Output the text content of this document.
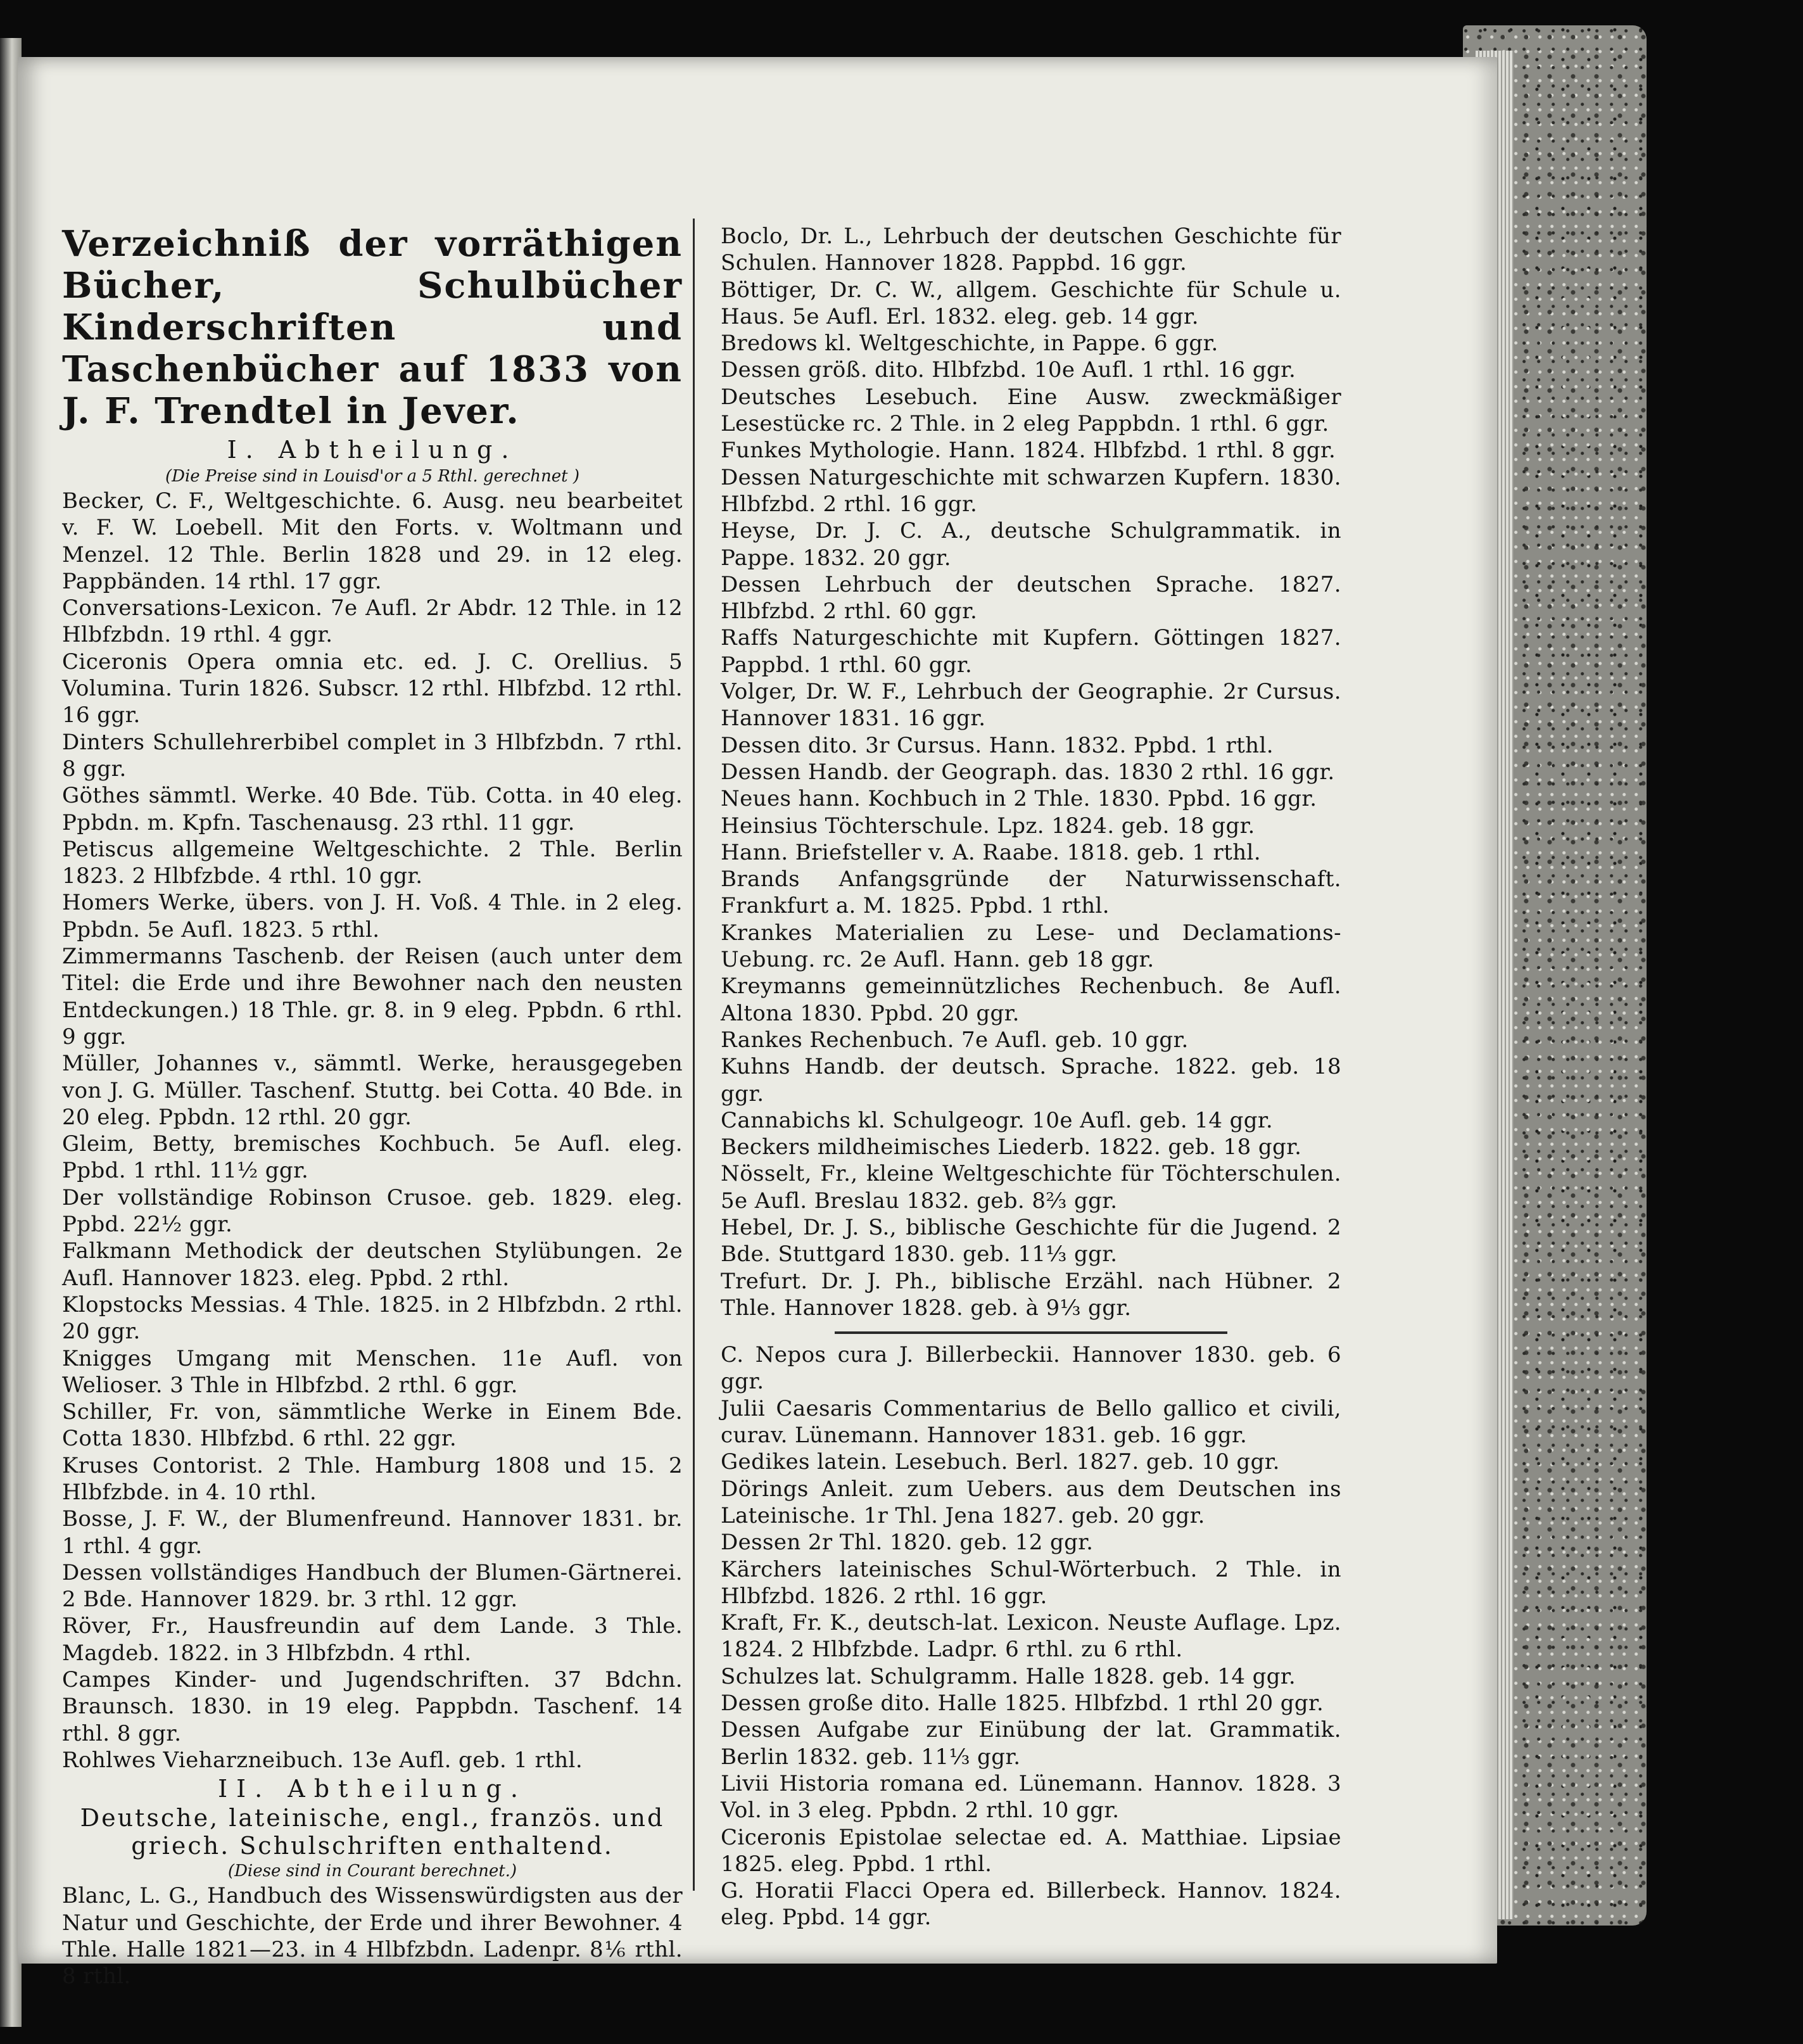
Verzeichniß der vorräthigen Bücher, Schulbücher Kinderschriften und Taschenbücher auf 1833 von J. F. Trendtel in Jever.
I. Abtheilung.
(Die Preise sind in Louisd'or a 5 Rthl. gerechnet )
Becker, C. F., Weltgeschichte. 6. Ausg. neu bearbeitet v. F. W. Loebell. Mit den Forts. v. Woltmann und Menzel. 12 Thle. Berlin 1828 und 29. in 12 eleg. Pappbänden. 14 rthl. 17 ggr.
Conversations-Lexicon. 7e Aufl. 2r Abdr. 12 Thle. in 12 Hlbfzbdn. 19 rthl. 4 ggr.
Ciceronis Opera omnia etc. ed. J. C. Orellius. 5 Volumina. Turin 1826. Subscr. 12 rthl. Hlbfzbd. 12 rthl. 16 ggr.
Dinters Schullehrerbibel complet in 3 Hlbfzbdn. 7 rthl. 8 ggr.
Göthes sämmtl. Werke. 40 Bde. Tüb. Cotta. in 40 eleg. Ppbdn. m. Kpfn. Taschenausg. 23 rthl. 11 ggr.
Petiscus allgemeine Weltgeschichte. 2 Thle. Berlin 1823. 2 Hlbfzbde. 4 rthl. 10 ggr.
Homers Werke, übers. von J. H. Voß. 4 Thle. in 2 eleg. Ppbdn. 5e Aufl. 1823. 5 rthl.
Zimmermanns Taschenb. der Reisen (auch unter dem Titel: die Erde und ihre Bewohner nach den neusten Entdeckungen.) 18 Thle. gr. 8. in 9 eleg. Ppbdn. 6 rthl. 9 ggr.
Müller, Johannes v., sämmtl. Werke, herausgegeben von J. G. Müller. Taschenf. Stuttg. bei Cotta. 40 Bde. in 20 eleg. Ppbdn. 12 rthl. 20 ggr.
Gleim, Betty, bremisches Kochbuch. 5e Aufl. eleg. Ppbd. 1 rthl. 11½ ggr.
Der vollständige Robinson Crusoe. geb. 1829. eleg. Ppbd. 22½ ggr.
Falkmann Methodick der deutschen Stylübungen. 2e Aufl. Hannover 1823. eleg. Ppbd. 2 rthl.
Klopstocks Messias. 4 Thle. 1825. in 2 Hlbfzbdn. 2 rthl. 20 ggr.
Knigges Umgang mit Menschen. 11e Aufl. von Welioser. 3 Thle in Hlbfzbd. 2 rthl. 6 ggr.
Schiller, Fr. von, sämmtliche Werke in Einem Bde. Cotta 1830. Hlbfzbd. 6 rthl. 22 ggr.
Kruses Contorist. 2 Thle. Hamburg 1808 und 15. 2 Hlbfzbde. in 4. 10 rthl.
Bosse, J. F. W., der Blumenfreund. Hannover 1831. br. 1 rthl. 4 ggr.
Dessen vollständiges Handbuch der Blumen-Gärtnerei. 2 Bde. Hannover 1829. br. 3 rthl. 12 ggr.
Röver, Fr., Hausfreundin auf dem Lande. 3 Thle. Magdeb. 1822. in 3 Hlbfzbdn. 4 rthl.
Campes Kinder- und Jugendschriften. 37 Bdchn. Braunsch. 1830. in 19 eleg. Pappbdn. Taschenf. 14 rthl. 8 ggr.
Rohlwes Vieharzneibuch. 13e Aufl. geb. 1 rthl.
II. Abtheilung.
Deutsche, lateinische, engl., französ. und griech. Schulschriften enthaltend.
(Diese sind in Courant berechnet.)
Blanc, L. G., Handbuch des Wissenswürdigsten aus der Natur und Geschichte, der Erde und ihrer Bewohner. 4 Thle. Halle 1821—23. in 4 Hlbfzbdn. Ladenpr. 8⅙ rthl. 8 rthl.
Boclo, Dr. L., Lehrbuch der deutschen Geschichte für Schulen. Hannover 1828. Pappbd. 16 ggr.
Böttiger, Dr. C. W., allgem. Geschichte für Schule u. Haus. 5e Aufl. Erl. 1832. eleg. geb. 14 ggr.
Bredows kl. Weltgeschichte, in Pappe. 6 ggr.
Dessen größ. dito. Hlbfzbd. 10e Aufl. 1 rthl. 16 ggr.
Deutsches Lesebuch. Eine Ausw. zweckmäßiger Lesestücke rc. 2 Thle. in 2 eleg Pappbdn. 1 rthl. 6 ggr.
Funkes Mythologie. Hann. 1824. Hlbfzbd. 1 rthl. 8 ggr.
Dessen Naturgeschichte mit schwarzen Kupfern. 1830. Hlbfzbd. 2 rthl. 16 ggr.
Heyse, Dr. J. C. A., deutsche Schulgrammatik. in Pappe. 1832. 20 ggr.
Dessen Lehrbuch der deutschen Sprache. 1827. Hlbfzbd. 2 rthl. 60 ggr.
Raffs Naturgeschichte mit Kupfern. Göttingen 1827. Pappbd. 1 rthl. 60 ggr.
Volger, Dr. W. F., Lehrbuch der Geographie. 2r Cursus. Hannover 1831. 16 ggr.
Dessen dito. 3r Cursus. Hann. 1832. Ppbd. 1 rthl.
Dessen Handb. der Geograph. das. 1830 2 rthl. 16 ggr.
Neues hann. Kochbuch in 2 Thle. 1830. Ppbd. 16 ggr.
Heinsius Töchterschule. Lpz. 1824. geb. 18 ggr.
Hann. Briefsteller v. A. Raabe. 1818. geb. 1 rthl.
Brands Anfangsgründe der Naturwissenschaft. Frankfurt a. M. 1825. Ppbd. 1 rthl.
Krankes Materialien zu Lese- und Declamations-Uebung. rc. 2e Aufl. Hann. geb 18 ggr.
Kreymanns gemeinnützliches Rechenbuch. 8e Aufl. Altona 1830. Ppbd. 20 ggr.
Rankes Rechenbuch. 7e Aufl. geb. 10 ggr.
Kuhns Handb. der deutsch. Sprache. 1822. geb. 18 ggr.
Cannabichs kl. Schulgeogr. 10e Aufl. geb. 14 ggr.
Beckers mildheimisches Liederb. 1822. geb. 18 ggr.
Nösselt, Fr., kleine Weltgeschichte für Töchterschulen. 5e Aufl. Breslau 1832. geb. 8⅔ ggr.
Hebel, Dr. J. S., biblische Geschichte für die Jugend. 2 Bde. Stuttgard 1830. geb. 11⅓ ggr.
Trefurt. Dr. J. Ph., biblische Erzähl. nach Hübner. 2 Thle. Hannover 1828. geb. à 9⅓ ggr.
C. Nepos cura J. Billerbeckii. Hannover 1830. geb. 6 ggr.
Julii Caesaris Commentarius de Bello gallico et civili, curav. Lünemann. Hannover 1831. geb. 16 ggr.
Gedikes latein. Lesebuch. Berl. 1827. geb. 10 ggr.
Dörings Anleit. zum Uebers. aus dem Deutschen ins Lateinische. 1r Thl. Jena 1827. geb. 20 ggr.
Dessen 2r Thl. 1820. geb. 12 ggr.
Kärchers lateinisches Schul-Wörterbuch. 2 Thle. in Hlbfzbd. 1826. 2 rthl. 16 ggr.
Kraft, Fr. K., deutsch-lat. Lexicon. Neuste Auflage. Lpz. 1824. 2 Hlbfzbde. Ladpr. 6 rthl. zu 6 rthl.
Schulzes lat. Schulgramm. Halle 1828. geb. 14 ggr.
Dessen große dito. Halle 1825. Hlbfzbd. 1 rthl 20 ggr.
Dessen Aufgabe zur Einübung der lat. Grammatik. Berlin 1832. geb. 11⅓ ggr.
Livii Historia romana ed. Lünemann. Hannov. 1828. 3 Vol. in 3 eleg. Ppbdn. 2 rthl. 10 ggr.
Ciceronis Epistolae selectae ed. A. Matthiae. Lipsiae 1825. eleg. Ppbd. 1 rthl.
G. Horatii Flacci Opera ed. Billerbeck. Hannov. 1824. eleg. Ppbd. 14 ggr.
